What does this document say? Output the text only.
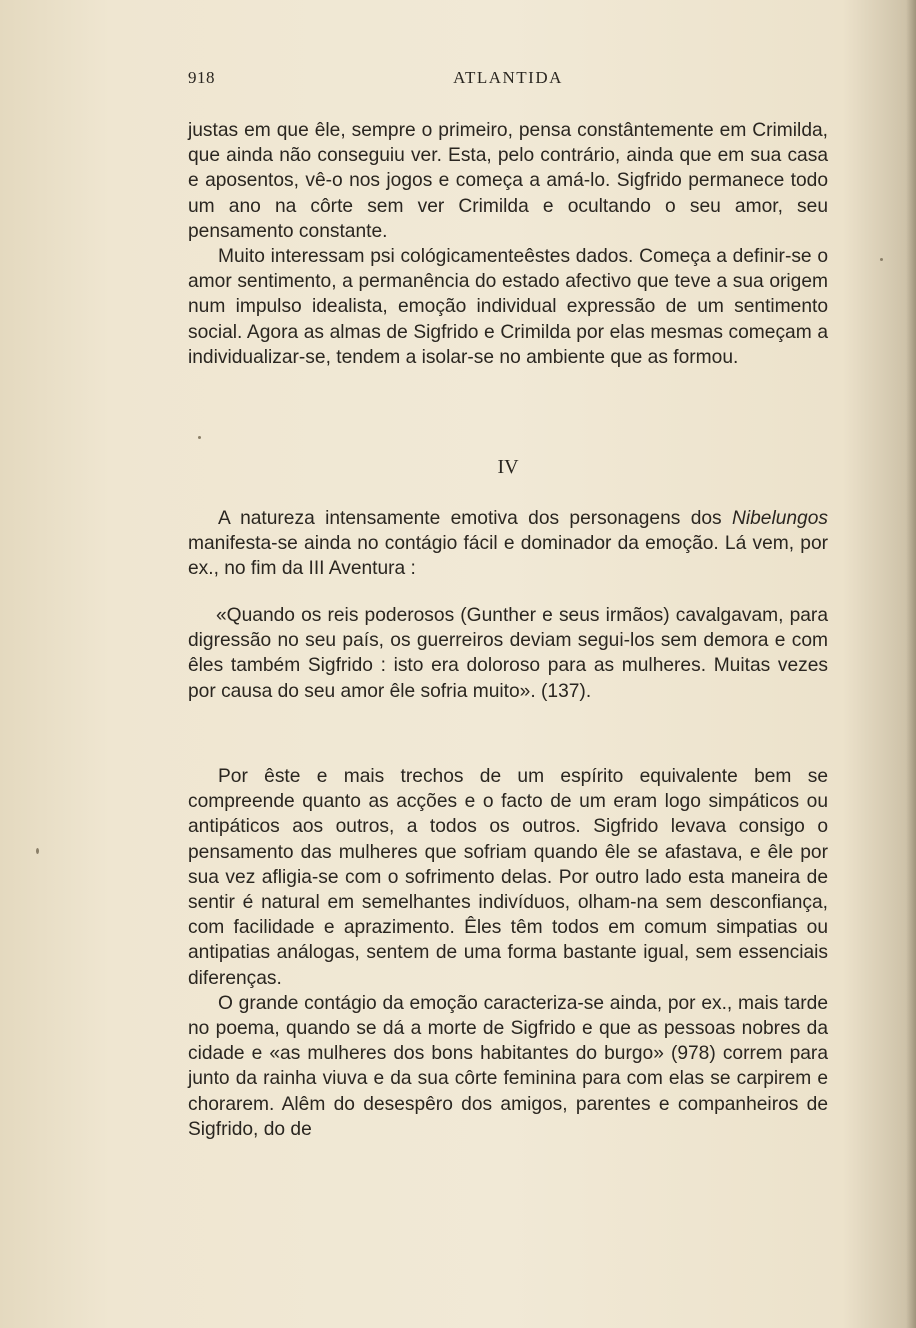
918	ATLANTIDA

justas em que êle, sempre o primeiro, pensa constântemente em Crimilda, que ainda não conseguiu ver. Esta, pelo contrário, ainda que em sua casa e aposentos, vê-o nos jogos e começa a amá-lo. Sigfrido permanece todo um ano na côrte sem ver Crimilda e ocultando o seu amor, seu pensamento constante.

Muito interessam psi cológicamenteêstes dados. Começa a definir-se o amor sentimento, a permanência do estado afectivo que teve a sua origem num impulso idealista, emoção individual expressão de um sentimento social. Agora as almas de Sigfrido e Crimilda por elas mesmas começam a individualizar-se, tendem a isolar-se no ambiente que as formou.

IV

A natureza intensamente emotiva dos personagens dos Nibelungos manifesta-se ainda no contágio fácil e dominador da emoção. Lá vem, por ex., no fim da III Aventura :

«Quando os reis poderosos (Gunther e seus irmãos) cavalgavam, para digressão no seu país, os guerreiros deviam segui-los sem demora e com êles também Sigfrido : isto era doloroso para as mulheres. Muitas vezes por causa do seu amor êle sofria muito». (137).

Por êste e mais trechos de um espírito equivalente bem se compreende quanto as acções e o facto de um eram logo simpáticos ou antipáticos aos outros, a todos os outros. Sigfrido levava consigo o pensamento das mulheres que sofriam quando êle se afastava, e êle por sua vez afligia-se com o sofrimento delas. Por outro lado esta maneira de sentir é natural em semelhantes indivíduos, olham-na sem desconfiança, com facilidade e aprazimento. Êles têm todos em comum simpatias ou antipatias análogas, sentem de uma forma bastante igual, sem essenciais diferenças.

O grande contágio da emoção caracteriza-se ainda, por ex., mais tarde no poema, quando se dá a morte de Sigfrido e que as pessoas nobres da cidade e «as mulheres dos bons habitantes do burgo» (978) correm para junto da rainha viuva e da sua côrte feminina para com elas se carpirem e chorarem. Alêm do desespêro dos amigos, parentes e companheiros de Sigfrido, do de
